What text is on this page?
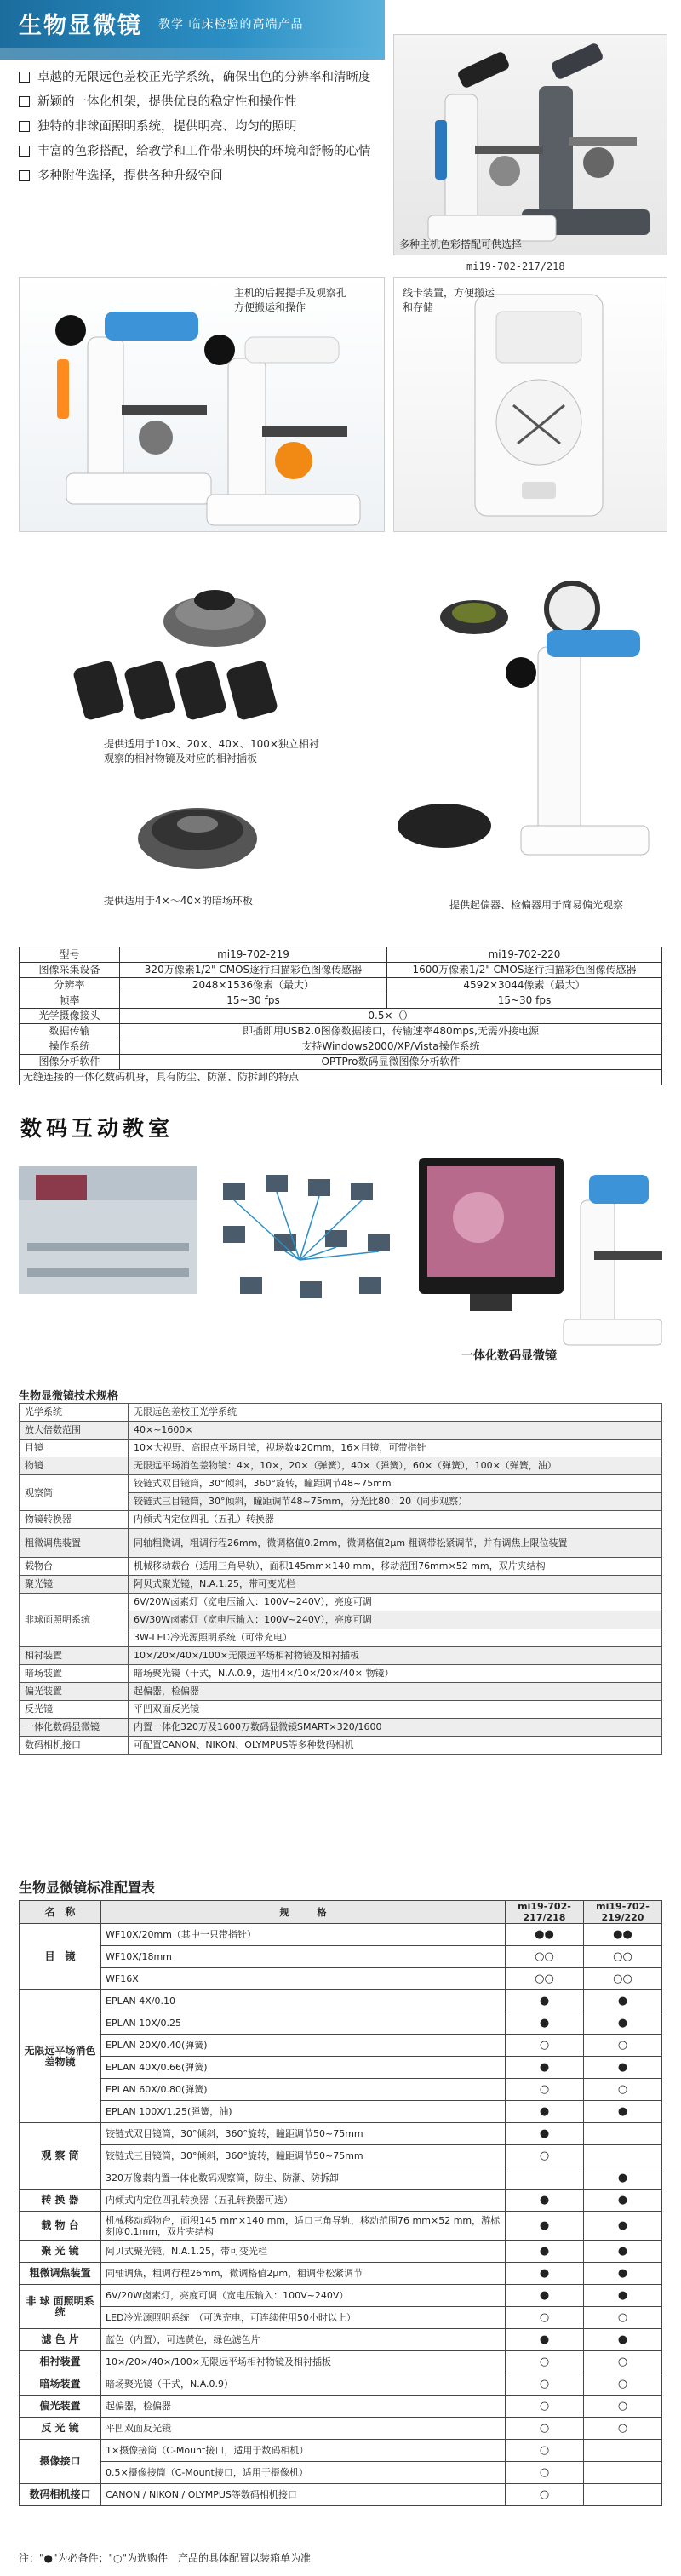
生物显微镜 教学 临床检验的高端产品
卓越的无限远色差校正光学系统，确保出色的分辨率和清晰度
新颖的一体化机架，提供优良的稳定性和操作性
独特的非球面照明系统，提供明亮、均匀的照明
丰富的色彩搭配，给教学和工作带来明快的环境和舒畅的心情
多种附件选择，提供各种升级空间
多种主机色彩搭配可供选择
mi19-702-217/218
主机的后握提手及观察孔方便搬运和操作
线卡装置，方便搬运和存储
提供适用于10×、20×、40×、100×独立相衬观察的相衬物镜及对应的相衬插板
提供适用于4×～40×的暗场环板	提供起偏器、检偏器用于简易偏光观察
型号	mi19-702-219	mi19-702-220
图像采集设备	320万像素1/2" CMOS逐行扫描彩色图像传感器	1600万像素1/2" CMOS逐行扫描彩色图像传感器
分辨率	2048×1536像素（最大）	4592×3044像素（最大）
帧率	15~30 fps	15~30 fps
光学摄像接头	0.5×（）	
数据传输	即插即用USB2.0图像数据接口，传输速率480mps,无需外接电源	
操作系统	支持Windows2000/XP/Vista操作系统	
图像分析软件	OPTPro数码显微图像分析软件	
无缝连接的一体化数码机身，具有防尘、防潮、防拆卸的特点		
数码互动教室
一体化数码显微镜
生物显微镜技术规格
光学系统	无限远色差校正光学系统
放大倍数范围	40×~1600×
目镜	10×大视野、高眼点平场目镜，视场数Φ20mm，16×目镜，可带指针
物镜	无限远平场消色差物镜：4×，10×，20×（弹簧），40×（弹簧），60×（弹簧），100×（弹簧，油）
观察筒	铰链式双目镜筒，30°倾斜，360°旋转，瞳距调节48~75mm
	铰链式三目镜筒，30°倾斜，瞳距调节48~75mm，分光比80：20（同步观察）
物镜转换器	内倾式内定位四孔（五孔）转换器
粗微调焦装置	同轴粗微调，粗调行程26mm，微调格值0.2mm，微调格值2μm 粗调带松紧调节，并有调焦上限位装置
载物台	机械移动载台（适用三角导轨），面积145mm×140 mm，移动范围76mm×52 mm，双片夹结构
聚光镜	阿贝式聚光镜，N.A.1.25，带可变光栏
非球面照明系统	6V/20W卤素灯（宽电压输入：100V~240V），亮度可调
	6V/30W卤素灯（宽电压输入：100V~240V），亮度可调
	3W-LED冷光源照明系统（可带充电）
相衬装置	10×/20×/40×/100×无限远平场相衬物镜及相衬插板
暗场装置	暗场聚光镜（干式，N.A.0.9，适用4×/10×/20×/40× 物镜）
偏光装置	起偏器，检偏器
反光镜	平凹双面反光镜
一体化数码显微镜	内置一体化320万及1600万数码显微镜SMART×320/1600
数码相机接口	可配置CANON、NIKON、OLYMPUS等多种数码相机
生物显微镜标准配置表
名　称	规　　　格	mi19-702-217/218	mi19-702-219/220
目　镜	WF10X/20mm（其中一只带指针）	●●	●●
	WF10X/18mm	○○	○○
	WF16X	○○	○○
无限远平场消色差物镜	EPLAN 4X/0.10	●	●
	EPLAN 10X/0.25	●	●
	EPLAN 20X/0.40(弹簧)	○	○
	EPLAN 40X/0.66(弹簧)	●	●
	EPLAN 60X/0.80(弹簧)	○	○
	EPLAN 100X/1.25(弹簧，油)	●	●
观 察 筒	铰链式双目镜筒，30°倾斜，360°旋转，瞳距调节50~75mm	●	
	铰链式三目镜筒，30°倾斜，360°旋转，瞳距调节50~75mm	○	
	320万像素内置一体化数码观察筒，防尘、防潮、防拆卸		●
转 换 器	内倾式内定位四孔转换器（五孔转换器可选）	●	●
载 物 台	机械移动载物台，面积145 mm×140 mm，适口三角导轨，移动范围76 mm×52 mm，游标刻度0.1mm，双片夹结构	●	●
聚 光 镜	阿贝式聚光镜，N.A.1.25，带可变光栏	●	●
粗微调焦装置	同轴调焦，粗调行程26mm，微调格值2μm，粗调带松紧调节	●	●
非 球 面照明系统	6V/20W卤素灯，亮度可调（宽电压输入：100V~240V）	●	●
	LED冷光源照明系统　（可选充电，可连续使用50小时以上）	○	○
滤 色 片	蓝色（内置），可选黄色，绿色滤色片	●	●
相衬装置	10×/20×/40×/100×无限远平场相衬物镜及相衬插板	○	○
暗场装置	暗场聚光镜（干式，N.A.0.9）	○	○
偏光装置	起偏器，检偏器	○	○
反 光 镜	平凹双面反光镜	○	○
摄像接口	1×摄像接筒（C-Mount接口，适用于数码相机）	○	
	0.5×摄像接筒（C-Mount接口，适用于摄像机）	○	
数码相机接口	CANON / NIKON / OLYMPUS等数码相机接口	○	
注："●"为必备件；"○"为选购件　产品的具体配置以装箱单为准
